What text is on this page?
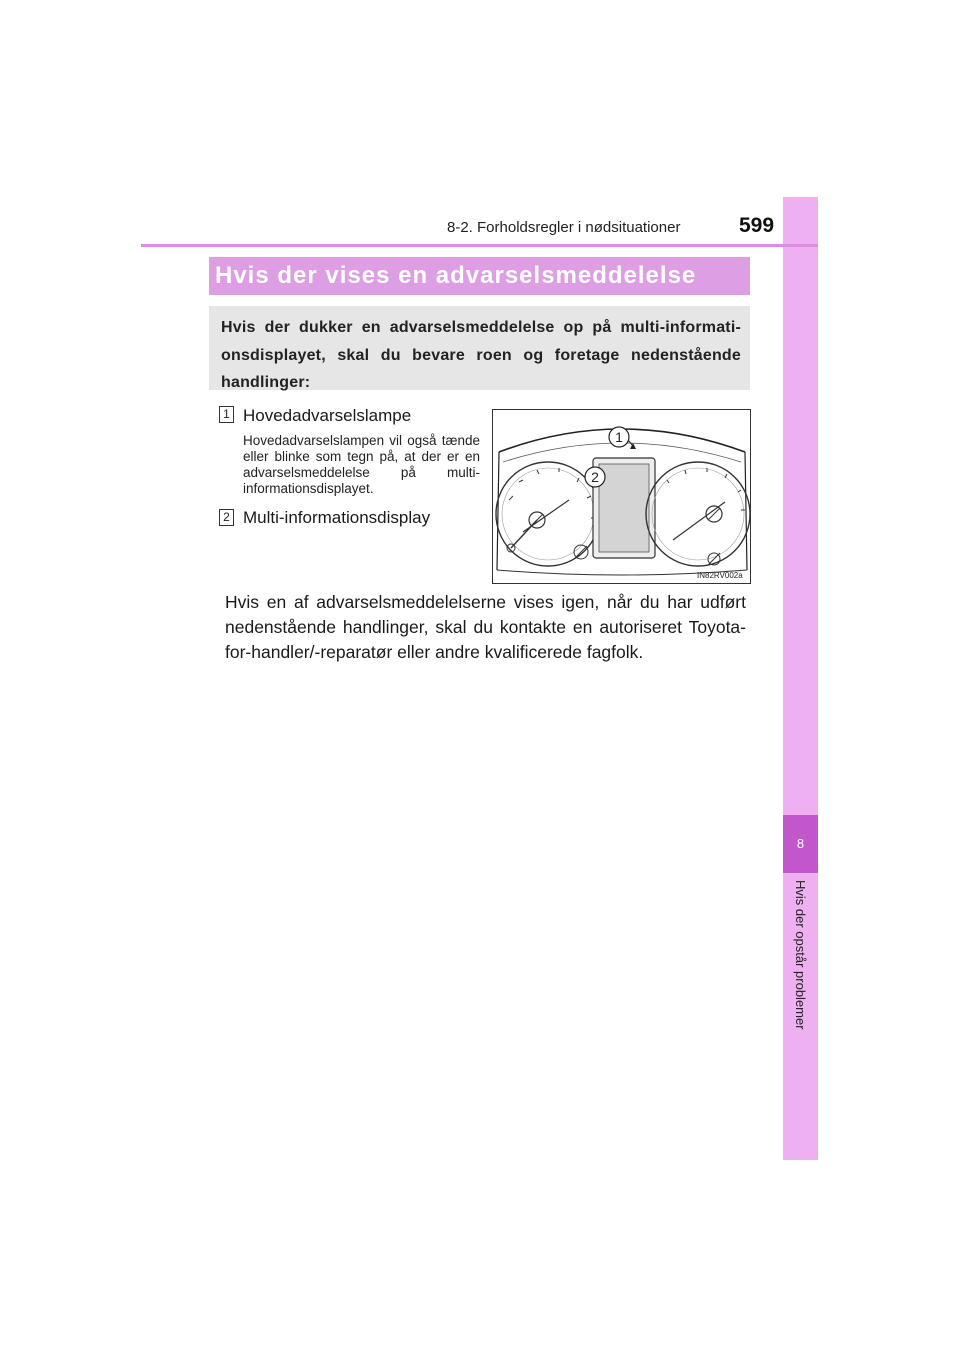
8
Hvis der opstår problemer
8-2. Forholdsregler i nødsituationer	599
Hvis der vises en advarselsmeddelelse
Hvis der dukker en advarselsmeddelelse op på multi-informati-onsdisplayet, skal du bevare roen og foretage nedenstående handlinger:
1 Hovedadvarselslampe
Hovedadvarselslampen vil også tænde eller blinke som tegn på, at der er en advarselsmeddelelse på multi-informationsdisplayet.
2 Multi-informationsdisplay
1
2
IN82RV002a
Hvis en af advarselsmeddelelserne vises igen, når du har udført nedenstående handlinger, skal du kontakte en autoriseret Toyota-for-handler/-reparatør eller andre kvalificerede fagfolk.
